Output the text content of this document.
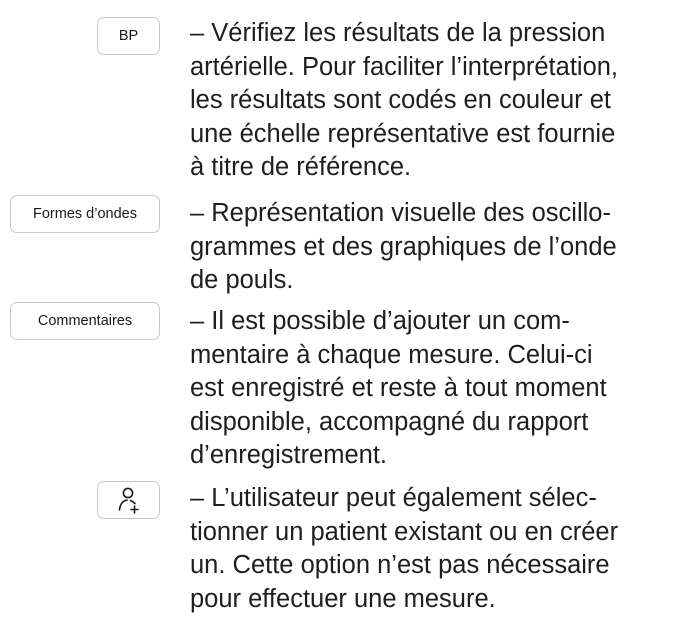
BP	– Vérifiez les résultats de la pression
artérielle. Pour faciliter l’interprétation,
les résultats sont codés en couleur et
une échelle représentative est fournie
à titre de référence.

Formes d’ondes	– Représentation visuelle des oscillo-
grammes et des graphiques de l’onde
de pouls.

Commentaires	– Il est possible d’ajouter un com-
mentaire à chaque mesure. Celui-ci
est enregistré et reste à tout moment
disponible, accompagné du rapport
d’enregistrement.

– L’utilisateur peut également sélec-
tionner un patient existant ou en créer
un. Cette option n’est pas nécessaire
pour effectuer une mesure.
